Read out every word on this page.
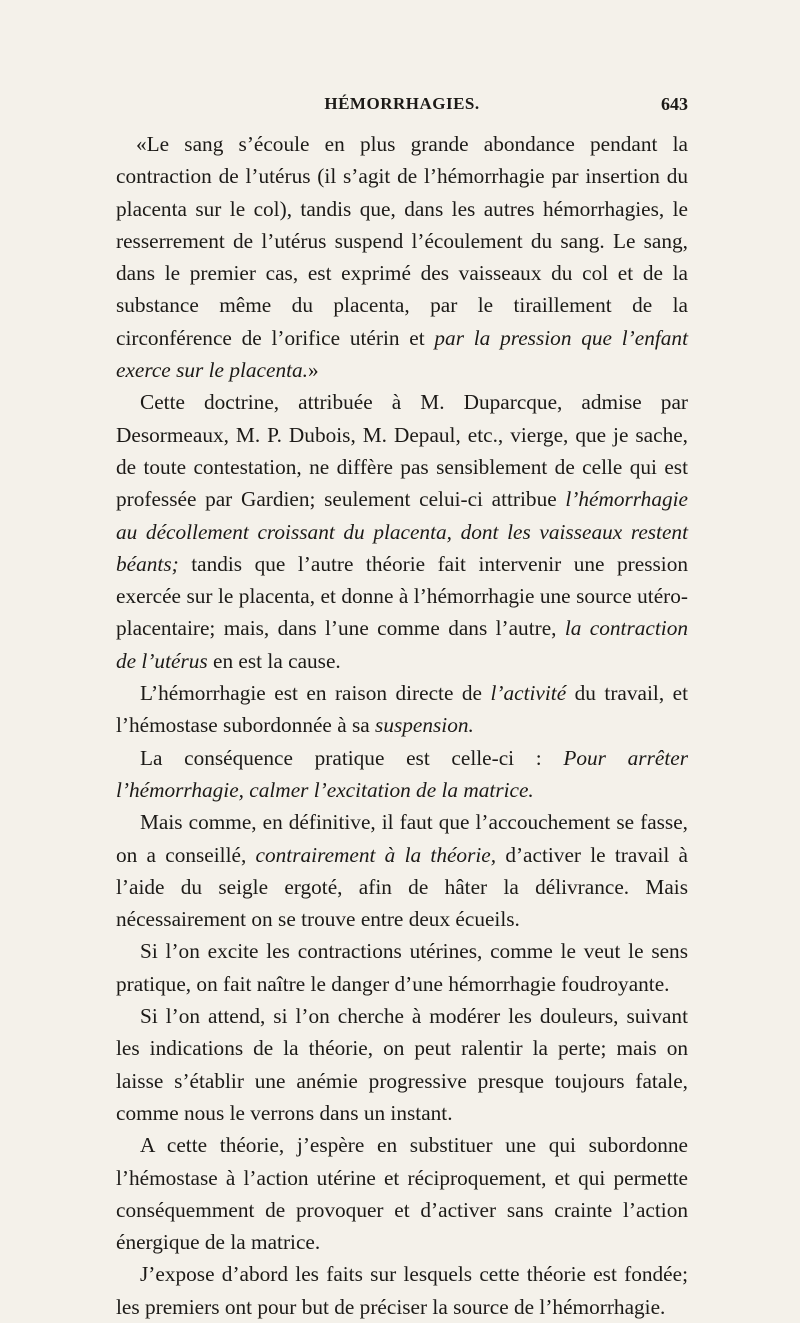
HÉMORRHAGIES.	643

«Le sang s’écoule en plus grande abondance pendant la contraction de l’utérus (il s’agit de l’hémorrhagie par insertion du placenta sur le col), tandis que, dans les autres hémorrhagies, le resserrement de l’utérus suspend l’écoulement du sang. Le sang, dans le premier cas, est exprimé des vaisseaux du col et de la substance même du placenta, par le tiraillement de la circonférence de l’orifice utérin et par la pression que l’enfant exerce sur le placenta.»

Cette doctrine, attribuée à M. Duparcque, admise par Desormeaux, M. P. Dubois, M. Depaul, etc., vierge, que je sache, de toute contestation, ne diffère pas sensiblement de celle qui est professée par Gardien; seulement celui-ci attribue l’hémorrhagie au décollement croissant du placenta, dont les vaisseaux restent béants; tandis que l’autre théorie fait intervenir une pression exercée sur le placenta, et donne à l’hémorrhagie une source utéro-placentaire; mais, dans l’une comme dans l’autre, la contraction de l’utérus en est la cause.

L’hémorrhagie est en raison directe de l’activité du travail, et l’hémostase subordonnée à sa suspension.

La conséquence pratique est celle-ci : Pour arrêter l’hémorrhagie, calmer l’excitation de la matrice.

Mais comme, en définitive, il faut que l’accouchement se fasse, on a conseillé, contrairement à la théorie, d’activer le travail à l’aide du seigle ergoté, afin de hâter la délivrance. Mais nécessairement on se trouve entre deux écueils.

Si l’on excite les contractions utérines, comme le veut le sens pratique, on fait naître le danger d’une hémorrhagie foudroyante.

Si l’on attend, si l’on cherche à modérer les douleurs, suivant les indications de la théorie, on peut ralentir la perte; mais on laisse s’établir une anémie progressive presque toujours fatale, comme nous le verrons dans un instant.

A cette théorie, j’espère en substituer une qui subordonne l’hémostase à l’action utérine et réciproquement, et qui permette conséquemment de provoquer et d’activer sans crainte l’action énergique de la matrice.

J’expose d’abord les faits sur lesquels cette théorie est fondée; les premiers ont pour but de préciser la source de l’hémorrhagie.
